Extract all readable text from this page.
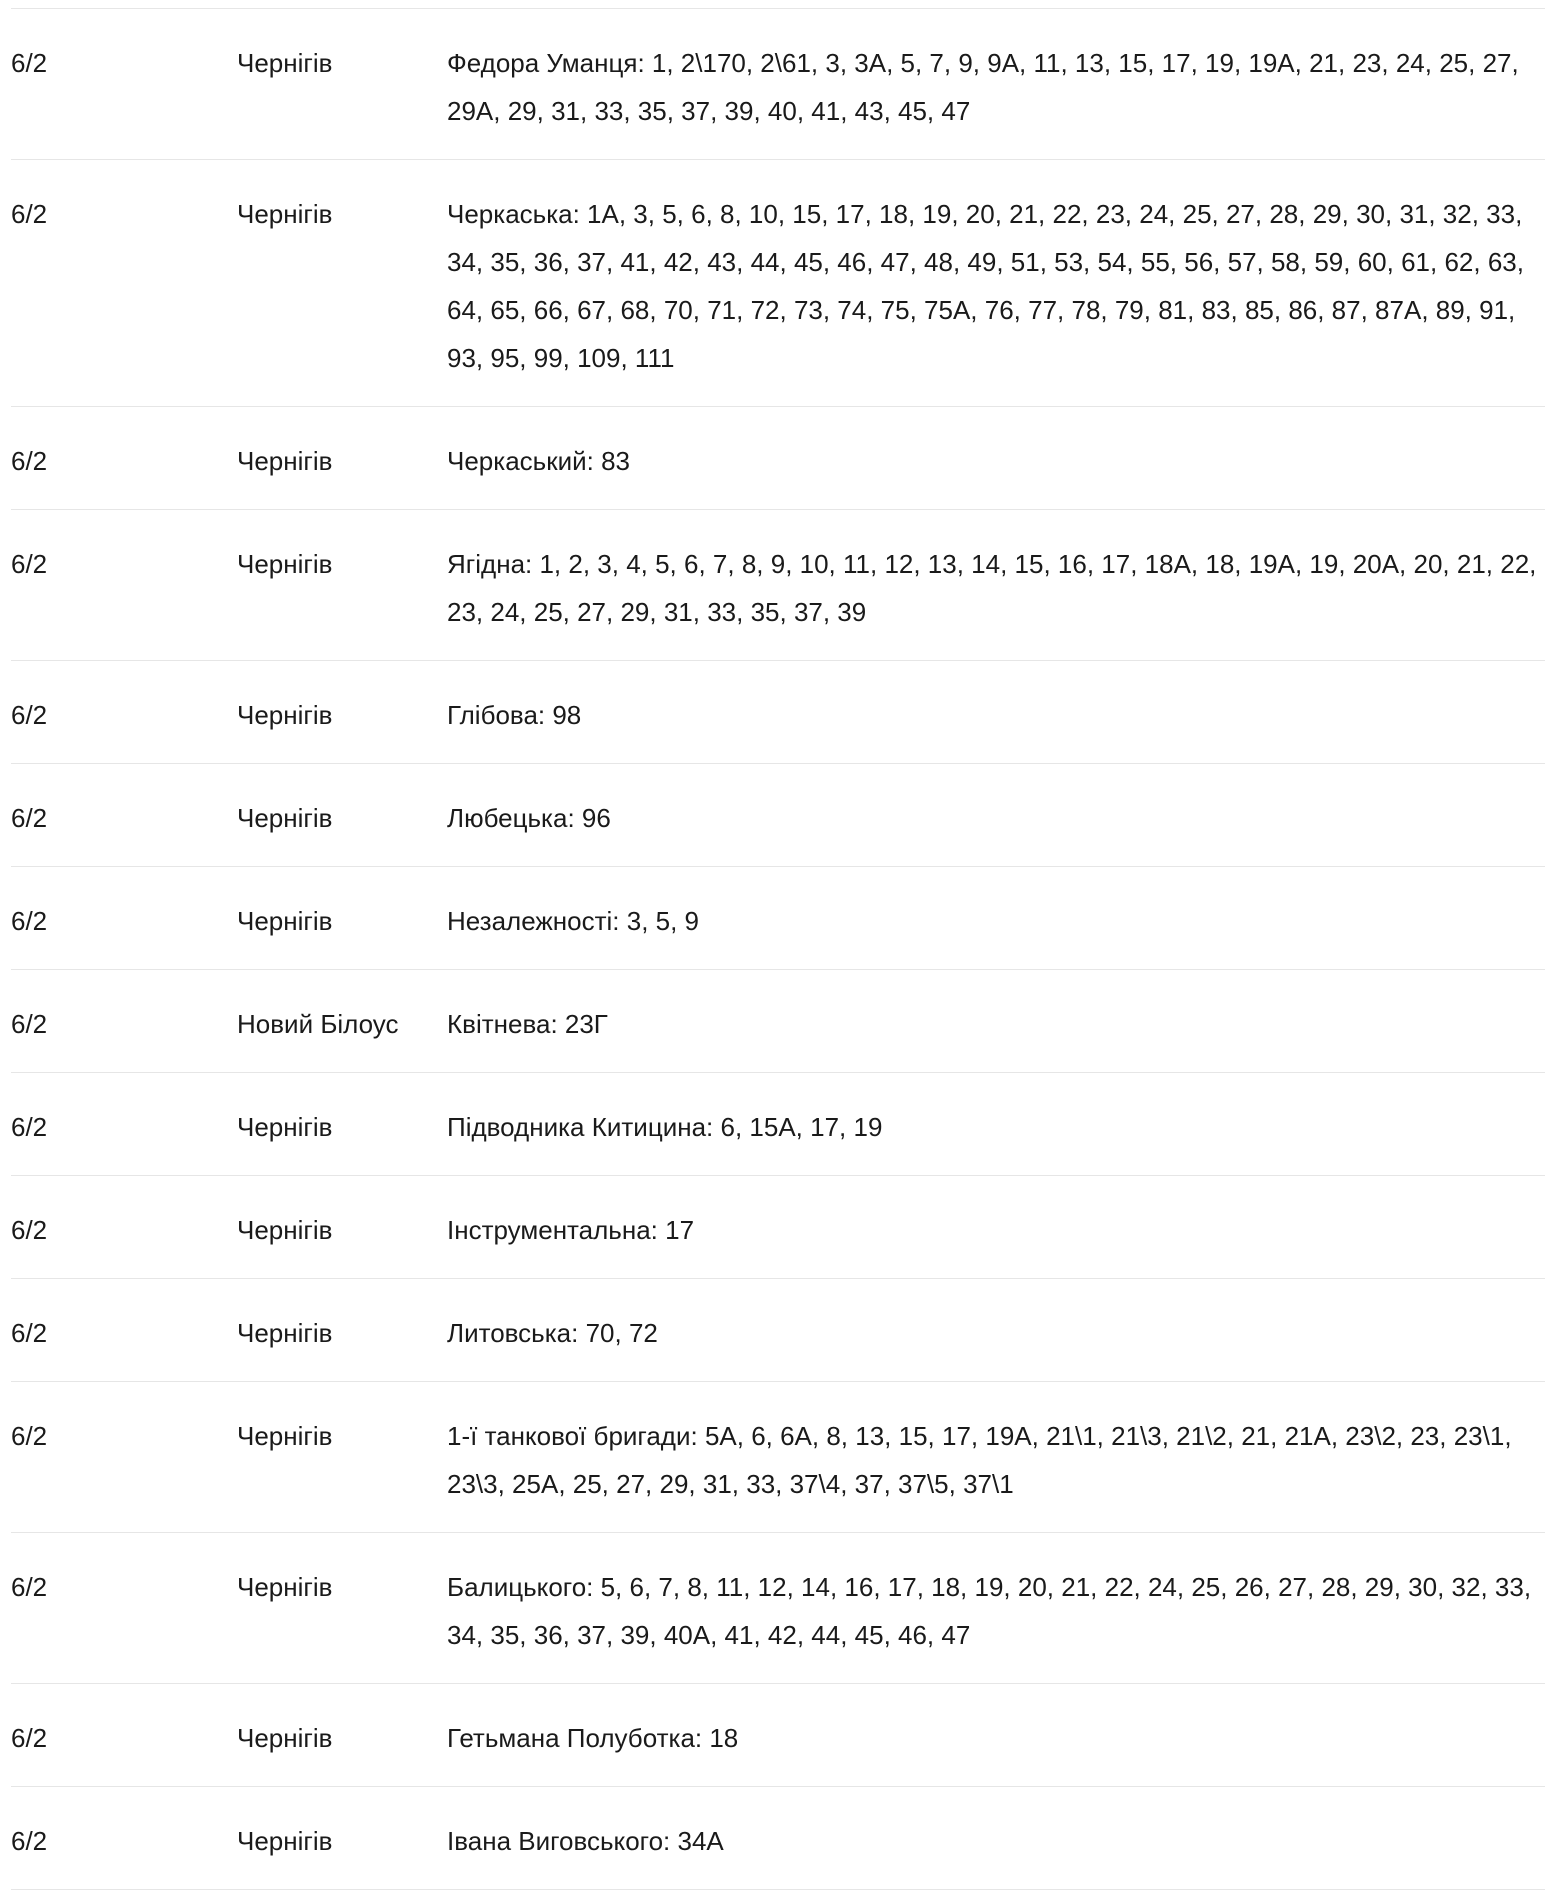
6/2	Чернігів	Федора Уманця: 1, 2\170, 2\61, 3, 3А, 5, 7, 9, 9А, 11, 13, 15, 17, 19, 19А, 21, 23, 24, 25, 27, 29А, 29, 31, 33, 35, 37, 39, 40, 41, 43, 45, 47
6/2	Чернігів	Черкаська: 1А, 3, 5, 6, 8, 10, 15, 17, 18, 19, 20, 21, 22, 23, 24, 25, 27, 28, 29, 30, 31, 32, 33, 34, 35, 36, 37, 41, 42, 43, 44, 45, 46, 47, 48, 49, 51, 53, 54, 55, 56, 57, 58, 59, 60, 61, 62, 63, 64, 65, 66, 67, 68, 70, 71, 72, 73, 74, 75, 75А, 76, 77, 78, 79, 81, 83, 85, 86, 87, 87А, 89, 91, 93, 95, 99, 109, 111
6/2	Чернігів	Черкаський: 83
6/2	Чернігів	Ягідна: 1, 2, 3, 4, 5, 6, 7, 8, 9, 10, 11, 12, 13, 14, 15, 16, 17, 18А, 18, 19А, 19, 20А, 20, 21, 22, 23, 24, 25, 27, 29, 31, 33, 35, 37, 39
6/2	Чернігів	Глібова: 98
6/2	Чернігів	Любецька: 96
6/2	Чернігів	Незалежності: 3, 5, 9
6/2	Новий Білоус	Квітнева: 23Г
6/2	Чернігів	Підводника Китицина: 6, 15А, 17, 19
6/2	Чернігів	Інструментальна: 17
6/2	Чернігів	Литовська: 70, 72
6/2	Чернігів	1-ї танкової бригади: 5А, 6, 6А, 8, 13, 15, 17, 19А, 21\1, 21\3, 21\2, 21, 21А, 23\2, 23, 23\1, 23\3, 25А, 25, 27, 29, 31, 33, 37\4, 37, 37\5, 37\1
6/2	Чернігів	Балицького: 5, 6, 7, 8, 11, 12, 14, 16, 17, 18, 19, 20, 21, 22, 24, 25, 26, 27, 28, 29, 30, 32, 33, 34, 35, 36, 37, 39, 40А, 41, 42, 44, 45, 46, 47
6/2	Чернігів	Гетьмана Полуботка: 18
6/2	Чернігів	Івана Виговського: 34А
